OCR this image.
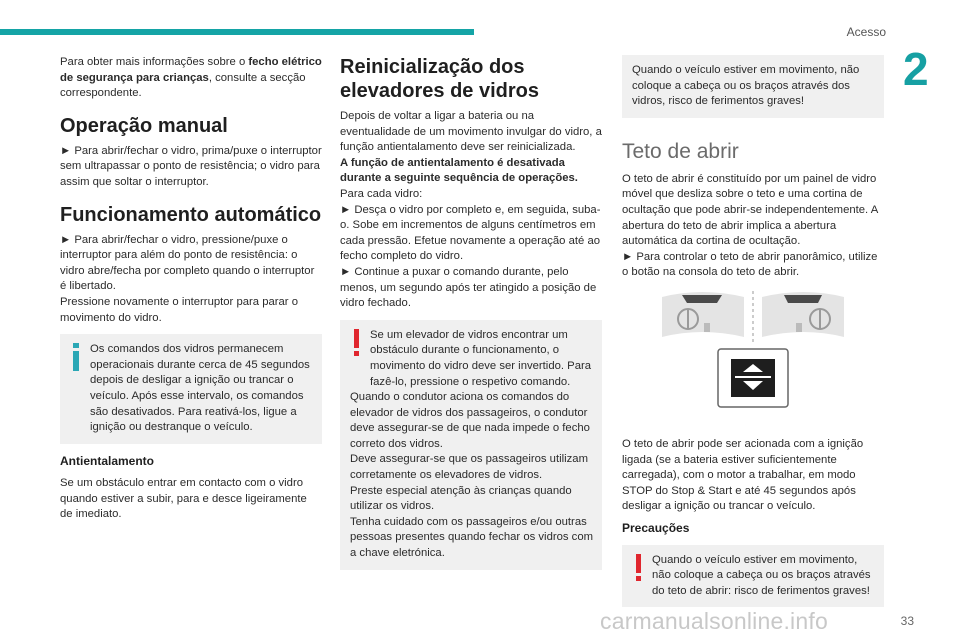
Acesso
2

Para obter mais informações sobre o fecho elétrico de segurança para crianças, consulte a secção correspondente.

Operação manual

► Para abrir/fechar o vidro, prima/puxe o interruptor sem ultrapassar o ponto de resistência; o vidro para assim que soltar o interruptor.

Funcionamento automático

► Para abrir/fechar o vidro, pressione/puxe o interruptor para além do ponto de resistência: o vidro abre/fecha por completo quando o interruptor é libertado.

Pressione novamente o interruptor para parar o movimento do vidro.

Os comandos dos vidros permanecem operacionais durante cerca de 45 segundos depois de desligar a ignição ou trancar o veículo. Após esse intervalo, os comandos são desativados. Para reativá-los, ligue a ignição ou destranque o veículo.

Antientalamento

Se um obstáculo entrar em contacto com o vidro quando estiver a subir, para e desce ligeiramente de imediato.

Reinicialização dos elevadores de vidros

Depois de voltar a ligar a bateria ou na eventualidade de um movimento invulgar do vidro, a função antientalamento deve ser reinicializada.

A função de antientalamento é desativada durante a seguinte sequência de operações.

Para cada vidro:

► Desça o vidro por completo e, em seguida, suba-o. Sobe em incrementos de alguns centímetros em cada pressão. Efetue novamente a operação até ao fecho completo do vidro.

► Continue a puxar o comando durante, pelo menos, um segundo após ter atingido a posição de vidro fechado.

Se um elevador de vidros encontrar um obstáculo durante o funcionamento, o movimento do vidro deve ser invertido. Para fazê-lo, pressione o respetivo comando.

Quando o condutor aciona os comandos do elevador de vidros dos passageiros, o condutor deve assegurar-se de que nada impede o fecho correto dos vidros.

Deve assegurar-se que os passageiros utilizam corretamente os elevadores de vidros.

Preste especial atenção às crianças quando utilizar os vidros.

Tenha cuidado com os passageiros e/ou outras pessoas presentes quando fechar os vidros com a chave eletrónica.

Quando o veículo estiver em movimento, não coloque a cabeça ou os braços através dos vidros, risco de ferimentos graves!

Teto de abrir

O teto de abrir é constituído por um painel de vidro móvel que desliza sobre o teto e uma cortina de ocultação que pode abrir-se independentemente. A abertura do teto de abrir implica a abertura automática da cortina de ocultação.

► Para controlar o teto de abrir panorâmico, utilize o botão na consola do teto de abrir.

O teto de abrir pode ser acionada com a ignição ligada (se a bateria estiver suficientemente carregada), com o motor a trabalhar, em modo STOP do Stop & Start e até 45 segundos após desligar a ignição ou trancar o veículo.

Precauções

Quando o veículo estiver em movimento, não coloque a cabeça ou os braços através do teto de abrir: risco de ferimentos graves!

carmanualsonline.info	33
